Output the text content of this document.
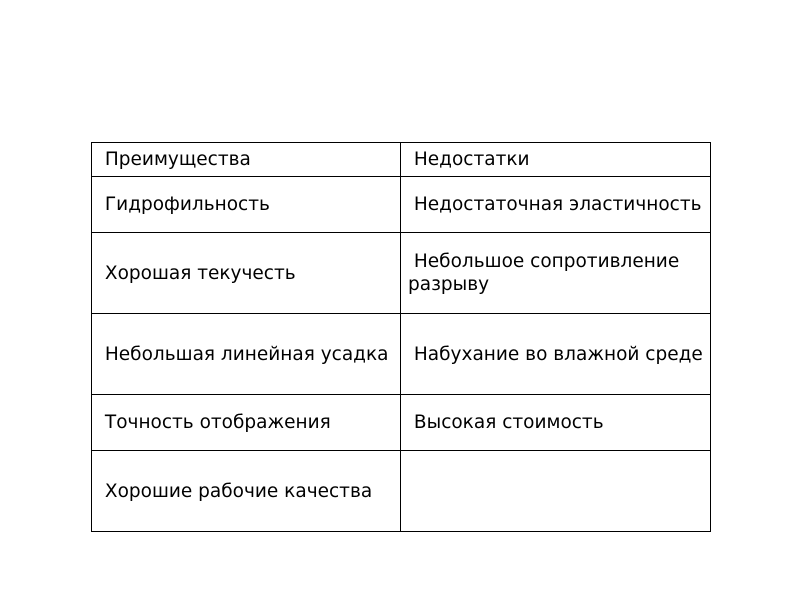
Преимущества	Недостатки

Гидрофильность	Недостаточная эластичность

Хорошая текучесть	Небольшое сопротивление разрыву

Небольшая линейная усадка	Набухание во влажной среде

Точность отображения	Высокая стоимость

Хорошие рабочие качества	
